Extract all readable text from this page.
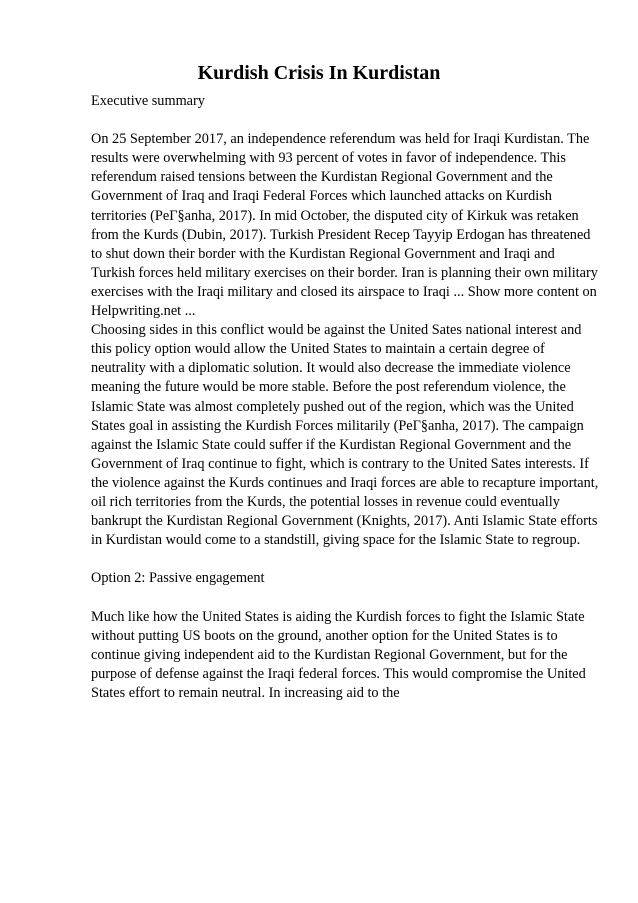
Kurdish Crisis In Kurdistan

Executive summary

On 25 September 2017, an independence referendum was held for Iraqi Kurdistan. The results were overwhelming with 93 percent of votes in favor of independence. This referendum raised tensions between the Kurdistan Regional Government and the Government of Iraq and Iraqi Federal Forces which launched attacks on Kurdish territories (PeГ§anha, 2017). In mid October, the disputed city of Kirkuk was retaken from the Kurds (Dubin, 2017). Turkish President Recep Tayyip Erdogan has threatened to shut down their border with the Kurdistan Regional Government and Iraqi and Turkish forces held military exercises on their border. Iran is planning their own military exercises with the Iraqi military and closed its airspace to Iraqi ... Show more content on Helpwriting.net ...

Choosing sides in this conflict would be against the United Sates national interest and this policy option would allow the United States to maintain a certain degree of neutrality with a diplomatic solution. It would also decrease the immediate violence meaning the future would be more stable. Before the post referendum violence, the Islamic State was almost completely pushed out of the region, which was the United States goal in assisting the Kurdish Forces militarily (PeГ§anha, 2017). The campaign against the Islamic State could suffer if the Kurdistan Regional Government and the Government of Iraq continue to fight, which is contrary to the United Sates interests. If the violence against the Kurds continues and Iraqi forces are able to recapture important, oil rich territories from the Kurds, the potential losses in revenue could eventually bankrupt the Kurdistan Regional Government (Knights, 2017). Anti Islamic State efforts in Kurdistan would come to a standstill, giving space for the Islamic State to regroup.

Option 2: Passive engagement

Much like how the United States is aiding the Kurdish forces to fight the Islamic State without putting US boots on the ground, another option for the United States is to continue giving independent aid to the Kurdistan Regional Government, but for the purpose of defense against the Iraqi federal forces. This would compromise the United States effort to remain neutral. In increasing aid to the
